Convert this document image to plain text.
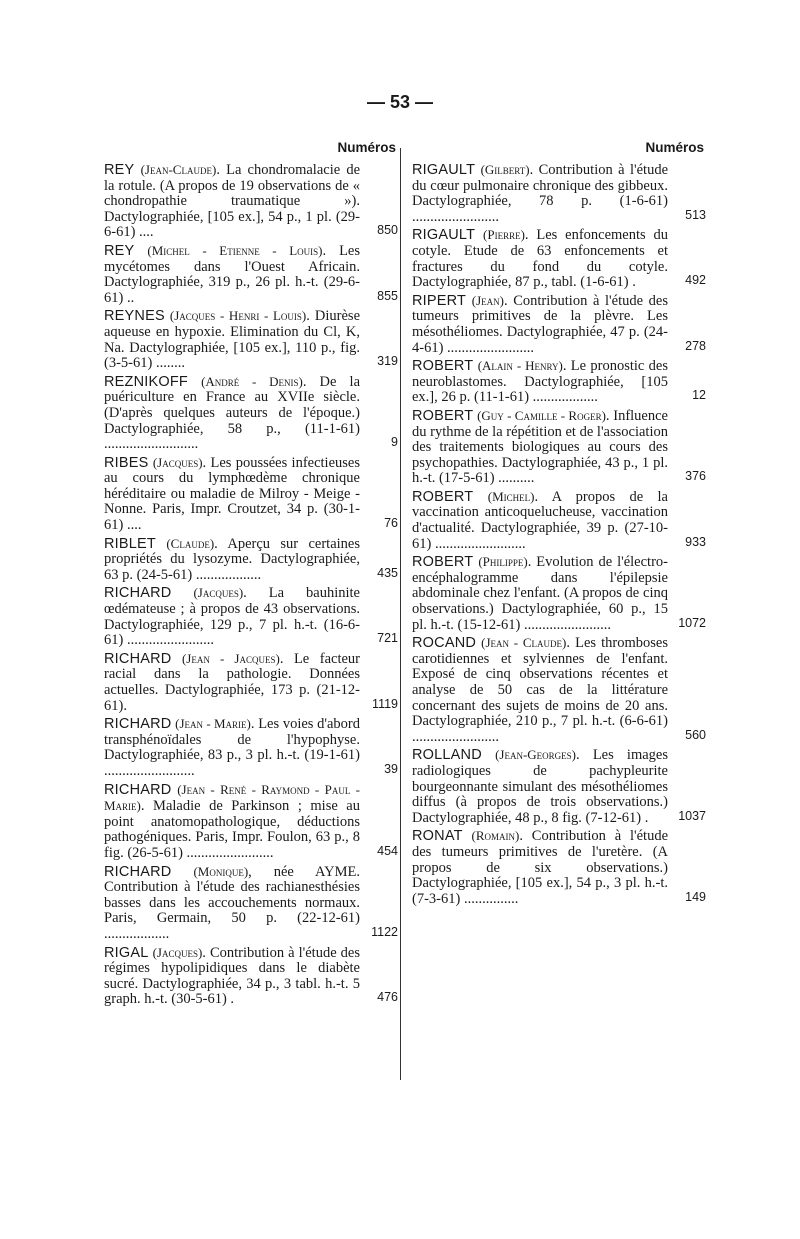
— 53 —
Numéros
REY (Jean-Claude). La chondromalacie de la rotule. (A propos de 19 observations de « chondropathie traumatique »). Dactylographiée, [105 ex.], 54 p., 1 pl. (29-6-61) ....	850
REY (Michel - Etienne - Louis). Les mycétomes dans l'Ouest Africain. Dactylographiée, 319 p., 26 pl. h.-t. (29-6-61) ..	855
REYNES (Jacques - Henri - Louis). Diurèse aqueuse en hypoxie. Elimination du Cl, K, Na. Dactylographiée, [105 ex.], 110 p., fig. (3-5-61) ........	319
REZNIKOFF (André - Denis). De la puériculture en France au XVIIe siècle. (D'après quelques auteurs de l'époque.) Dactylographiée, 58 p., (11-1-61) ..........................	9
RIBES (Jacques). Les poussées infectieuses au cours du lymphœdème chronique héréditaire ou maladie de Milroy - Meige - Nonne. Paris, Impr. Croutzet, 34 p. (30-1-61) ....	76
RIBLET (Claude). Aperçu sur certaines propriétés du lysozyme. Dactylographiée, 63 p. (24-5-61) ..................	435
RICHARD (Jacques). La bauhinite œdémateuse ; à propos de 43 observations. Dactylographiée, 129 p., 7 pl. h.-t. (16-6-61) ........................	721
RICHARD (Jean - Jacques). Le facteur racial dans la pathologie. Données actuelles. Dactylographiée, 173 p. (21-12-61).	1119
RICHARD (Jean - Marie). Les voies d'abord transphénoïdales de l'hypophyse. Dactylographiée, 83 p., 3 pl. h.-t. (19-1-61) .........................	39
RICHARD (Jean - René - Raymond - Paul - Marie). Maladie de Parkinson ; mise au point anatomopathologique, déductions pathogéniques. Paris, Impr. Foulon, 63 p., 8 fig. (26-5-61) ........................	454
RICHARD (Monique), née AYME. Contribution à l'étude des rachianesthésies basses dans les accouchements normaux. Paris, Germain, 50 p. (22-12-61) ..................	1122
RIGAL (Jacques). Contribution à l'étude des régimes hypolipidiques dans le diabète sucré. Dactylographiée, 34 p., 3 tabl. h.-t. 5 graph. h.-t. (30-5-61) .	476
Numéros
RIGAULT (Gilbert). Contribution à l'étude du cœur pulmonaire chronique des gibbeux. Dactylographiée, 78 p. (1-6-61) ........................	513
RIGAULT (Pierre). Les enfoncements du cotyle. Etude de 63 enfoncements et fractures du fond du cotyle. Dactylographiée, 87 p., tabl. (1-6-61) .	492
RIPERT (Jean). Contribution à l'étude des tumeurs primitives de la plèvre. Les mésothéliomes. Dactylographiée, 47 p. (24-4-61) ........................	278
ROBERT (Alain - Henry). Le pronostic des neuroblastomes. Dactylographiée, [105 ex.], 26 p. (11-1-61) ..................	12
ROBERT (Guy - Camille - Roger). Influence du rythme de la répétition et de l'association des traitements biologiques au cours des psychopathies. Dactylographiée, 43 p., 1 pl. h.-t. (17-5-61) ..........	376
ROBERT (Michel). A propos de la vaccination anticoquelucheuse, vaccination d'actualité. Dactylographiée, 39 p. (27-10-61) .........................	933
ROBERT (Philippe). Evolution de l'électro-encéphalogramme dans l'épilepsie abdominale chez l'enfant. (A propos de cinq observations.) Dactylographiée, 60 p., 15 pl. h.-t. (15-12-61) ........................	1072
ROCAND (Jean - Claude). Les thromboses carotidiennes et sylviennes de l'enfant. Exposé de cinq observations récentes et analyse de 50 cas de la littérature concernant des sujets de moins de 20 ans. Dactylographiée, 210 p., 7 pl. h.-t. (6-6-61) ........................	560
ROLLAND (Jean-Georges). Les images radiologiques de pachypleurite bourgeonnante simulant des mésothéliomes diffus (à propos de trois observations.) Dactylographiée, 48 p., 8 fig. (7-12-61) . 1037
RONAT (Romain). Contribution à l'étude des tumeurs primitives de l'uretère. (A propos de six observations.) Dactylographiée, [105 ex.], 54 p., 3 pl. h.-t. (7-3-61) ...............	149
